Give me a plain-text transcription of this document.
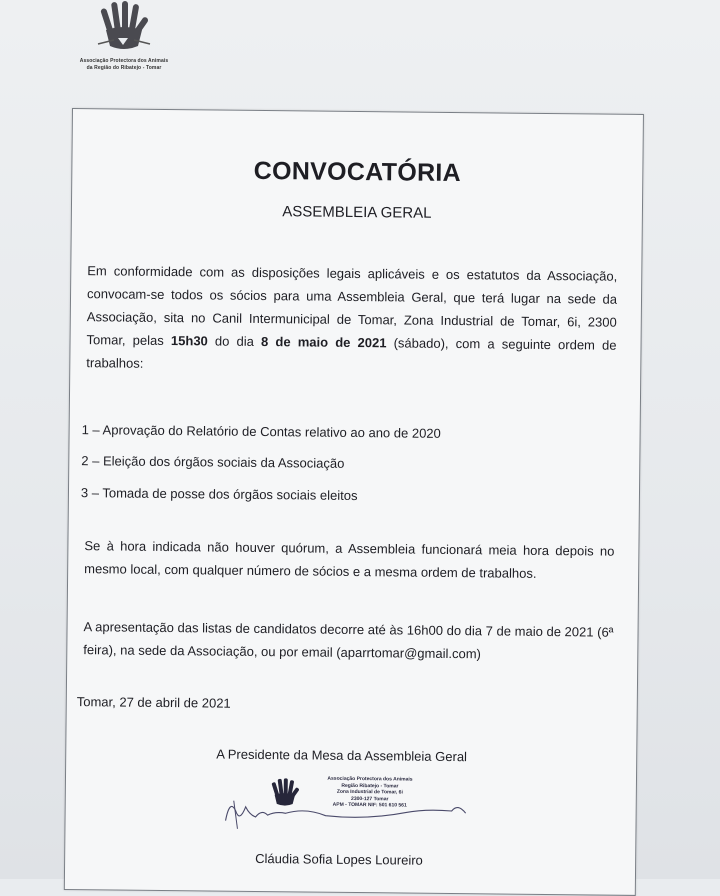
Associação Protectora dos Animais
da Região do Ribatejo - Tomar
CONVOCATÓRIA
ASSEMBLEIA GERAL
Em conformidade com as disposições legais aplicáveis e os estatutos da Associação, convocam-se todos os sócios para uma Assembleia Geral, que terá lugar na sede da Associação, sita no Canil Intermunicipal de Tomar, Zona Industrial de Tomar, 6i, 2300 Tomar, pelas 15h30 do dia 8 de maio de 2021 (sábado), com a seguinte ordem de trabalhos:
1 – Aprovação do Relatório de Contas relativo ao ano de 2020
2 – Eleição dos órgãos sociais da Associação
3 – Tomada de posse dos órgãos sociais eleitos
Se à hora indicada não houver quórum, a Assembleia funcionará meia hora depois no mesmo local, com qualquer número de sócios e a mesma ordem de trabalhos.
A apresentação das listas de candidatos decorre até às 16h00 do dia 7 de maio de 2021 (6ª feira), na sede da Associação, ou por email (aparrtomar@gmail.com)
Tomar, 27 de abril de 2021
A Presidente da Mesa da Assembleia Geral
Associação Protectora dos Animais
Região Ribatejo - Tomar
Zona Industrial de Tomar, 6i
2300-127 Tomar
APM - TOMAR NIF: 501 610 561
Cláudia Sofia Lopes Loureiro
